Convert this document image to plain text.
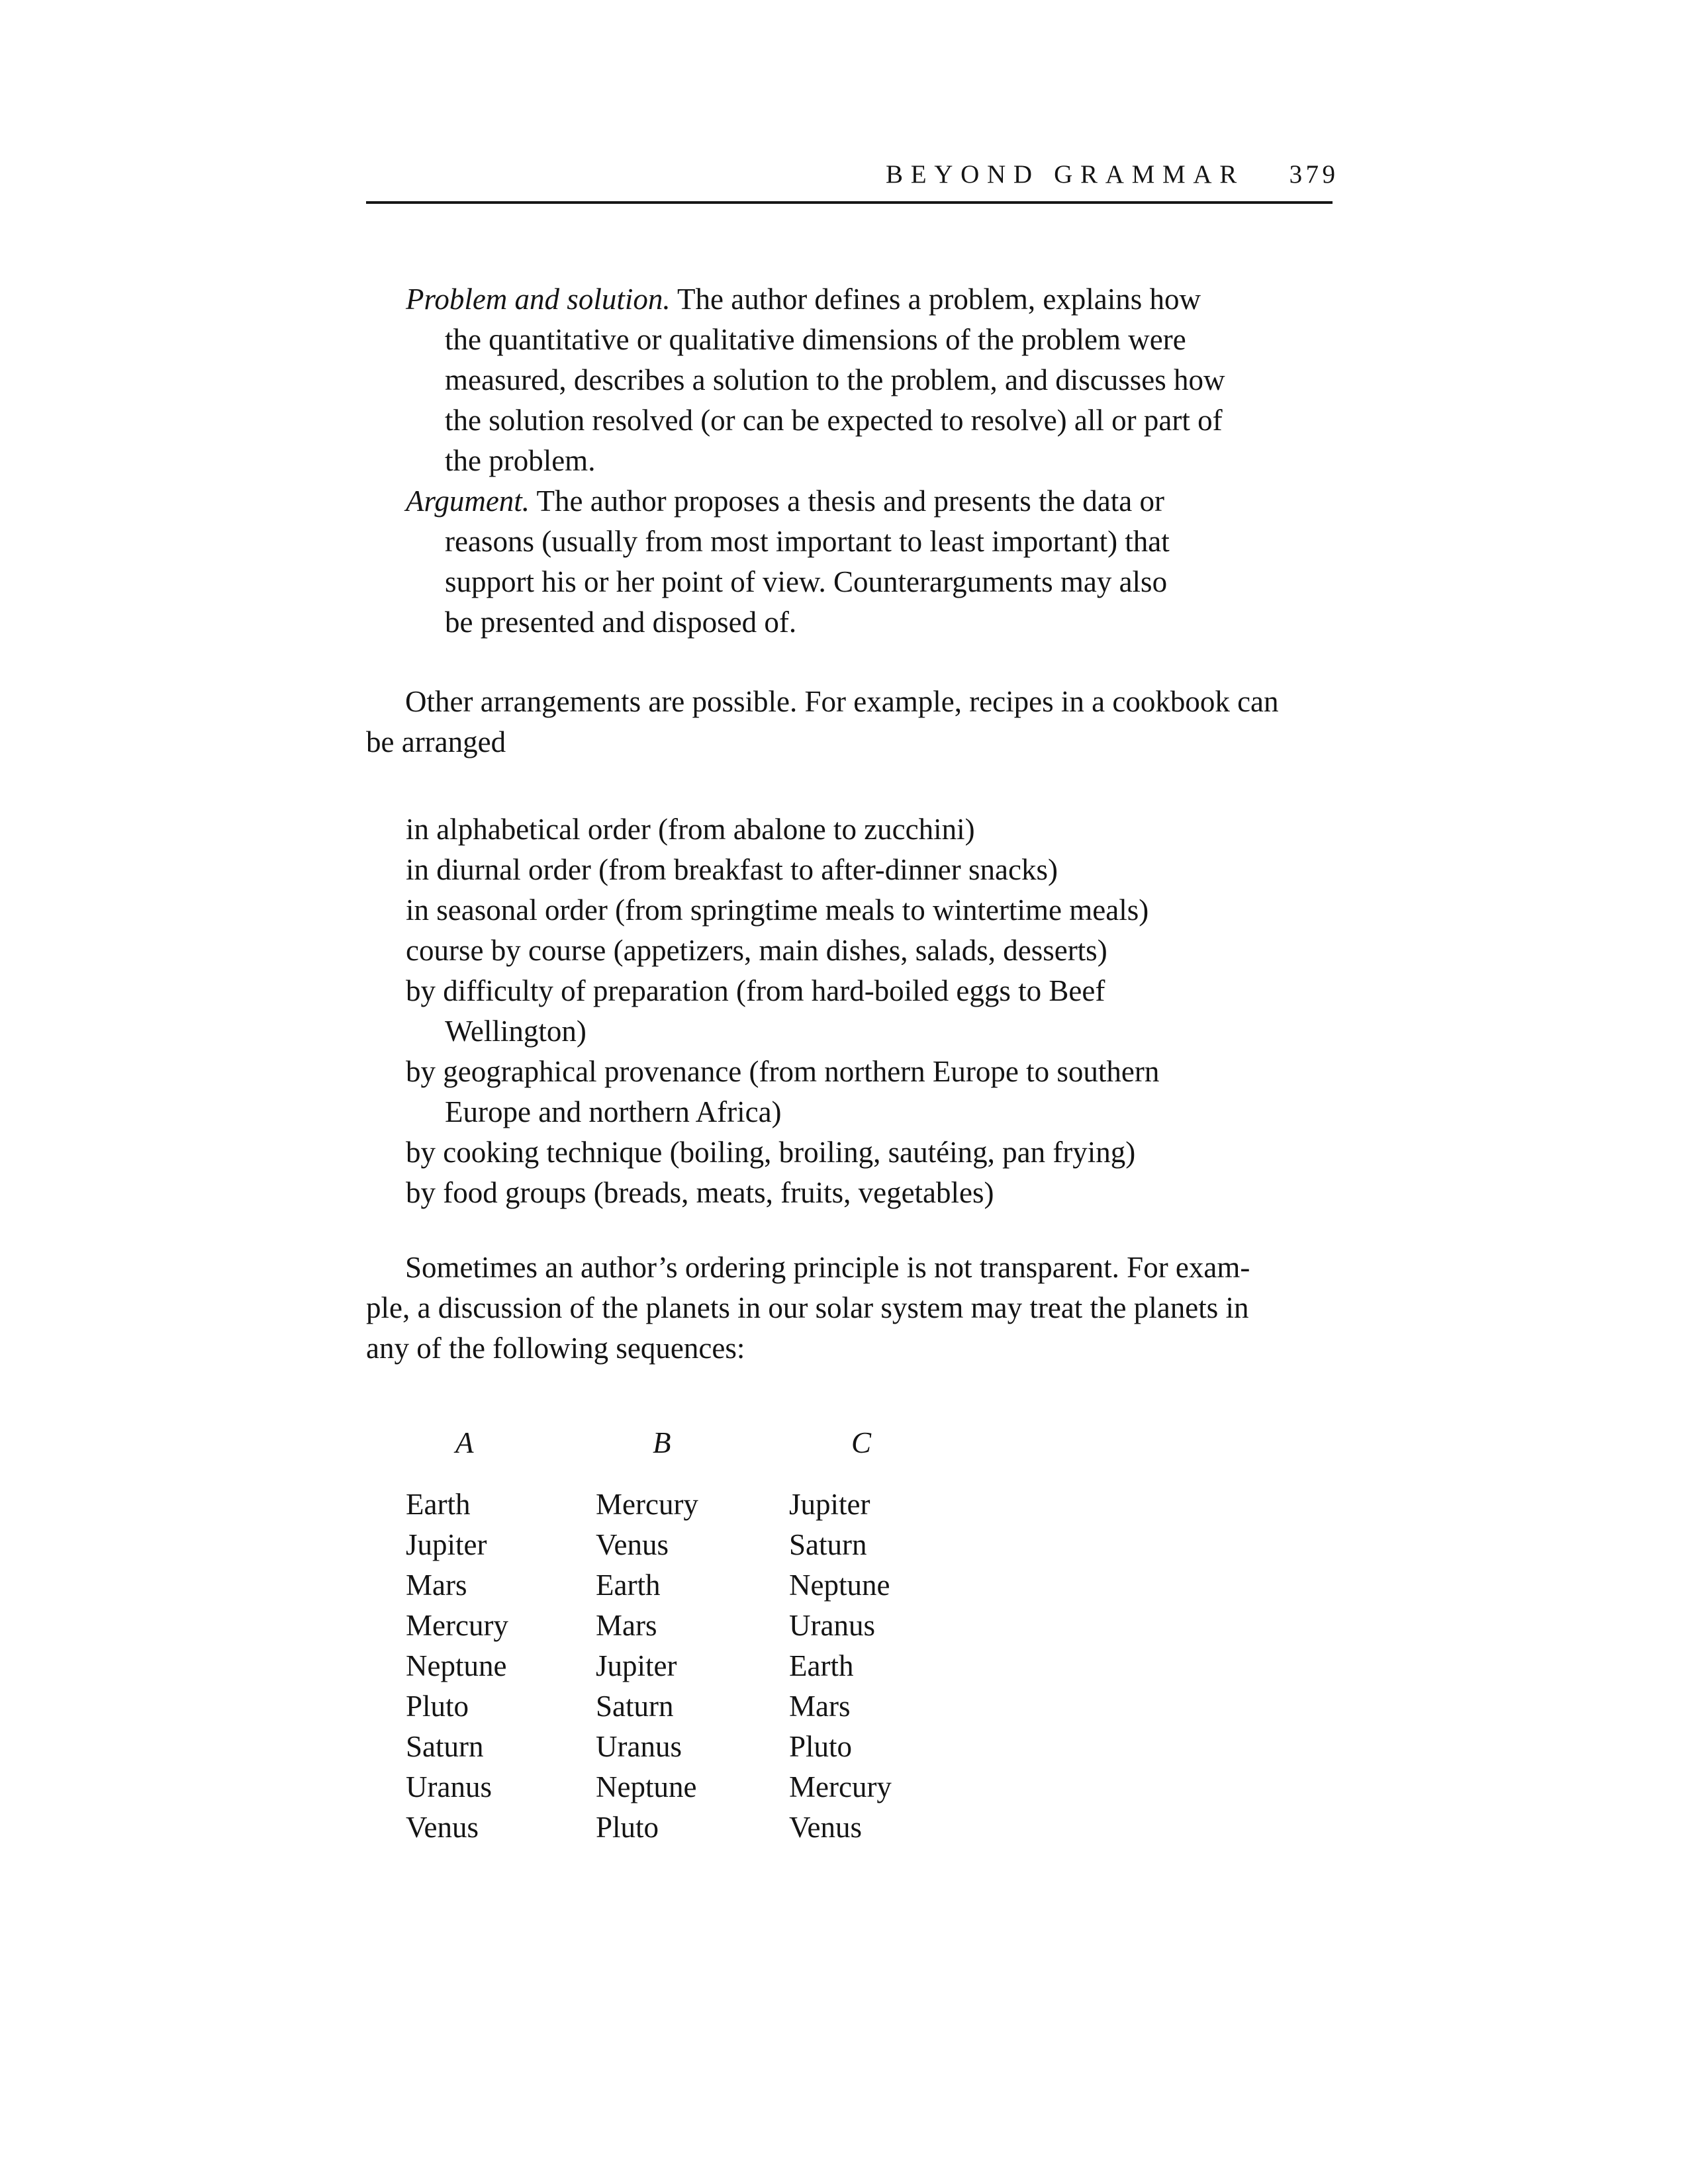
BEYOND GRAMMAR 379
Problem and solution. The author defines a problem, explains how
the quantitative or qualitative dimensions of the problem were
measured, describes a solution to the problem, and discusses how
the solution resolved (or can be expected to resolve) all or part of
the problem.
Argument. The author proposes a thesis and presents the data or
reasons (usually from most important to least important) that
support his or her point of view. Counterarguments may also
be presented and disposed of.
Other arrangements are possible. For example, recipes in a cookbook can
be arranged
in alphabetical order (from abalone to zucchini)
in diurnal order (from breakfast to after-dinner snacks)
in seasonal order (from springtime meals to wintertime meals)
course by course (appetizers, main dishes, salads, desserts)
by difficulty of preparation (from hard-boiled eggs to Beef
Wellington)
by geographical provenance (from northern Europe to southern
Europe and northern Africa)
by cooking technique (boiling, broiling, sautéing, pan frying)
by food groups (breads, meats, fruits, vegetables)
Sometimes an author’s ordering principle is not transparent. For exam-
ple, a discussion of the planets in our solar system may treat the planets in
any of the following sequences:
A	B	C
Earth
Jupiter
Mars
Mercury
Neptune
Pluto
Saturn
Uranus
Venus
Mercury
Venus
Earth
Mars
Jupiter
Saturn
Uranus
Neptune
Pluto
Jupiter
Saturn
Neptune
Uranus
Earth
Mars
Pluto
Mercury
Venus
